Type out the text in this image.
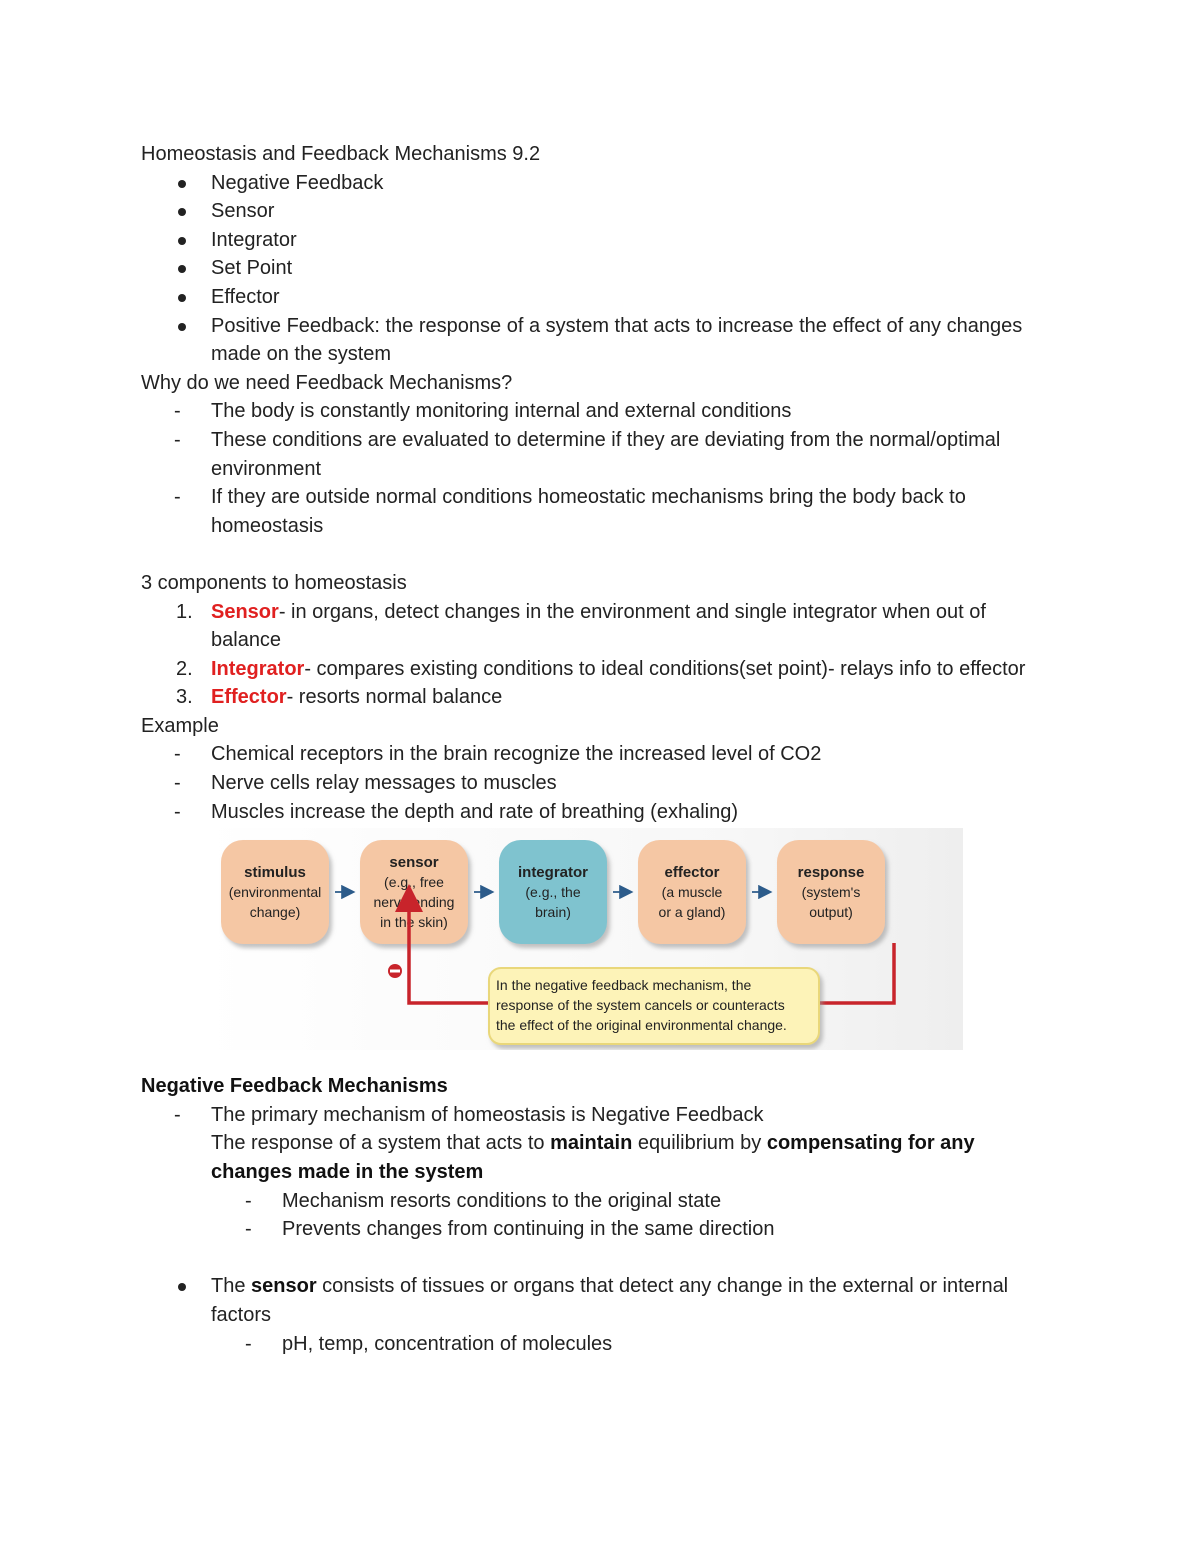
Homeostasis and Feedback Mechanisms 9.2

Negative Feedback
Sensor
Integrator
Set Point
Effector
Positive Feedback: the response of a system that acts to increase the effect of any changes made on the system

Why do we need Feedback Mechanisms?

-	The body is constantly monitoring internal and external conditions
-	These conditions are evaluated to determine if they are deviating from the normal/optimal environment
-	If they are outside normal conditions homeostatic mechanisms bring the body back to homeostasis

3 components to homeostasis

1. Sensor- in organs, detect changes in the environment and single integrator when out of balance
2. Integrator- compares existing conditions to ideal conditions(set point)- relays info to effector
3. Effector- resorts normal balance

Example

-	Chemical receptors in the brain recognize the increased level of CO2
-	Nerve cells relay messages to muscles
-	Muscles increase the depth and rate of breathing (exhaling)
stimulus
(environmental
change)
sensor
(e.g., free
nerve ending
in the skin)
integrator
(e.g., the
brain)
effector
(a muscle
or a gland)
response
(system's
output)
In the negative feedback mechanism, the
response of the system cancels or counteracts
the effect of the original environmental change.

Negative Feedback Mechanisms

-	The primary mechanism of homeostasis is Negative Feedback
The response of a system that acts to maintain equilibrium by compensating for any changes made in the system
- Mechanism resorts conditions to the original state
- Prevents changes from continuing in the same direction
The sensor consists of tissues or organs that detect any change in the external or internal factors
- pH, temp, concentration of molecules
